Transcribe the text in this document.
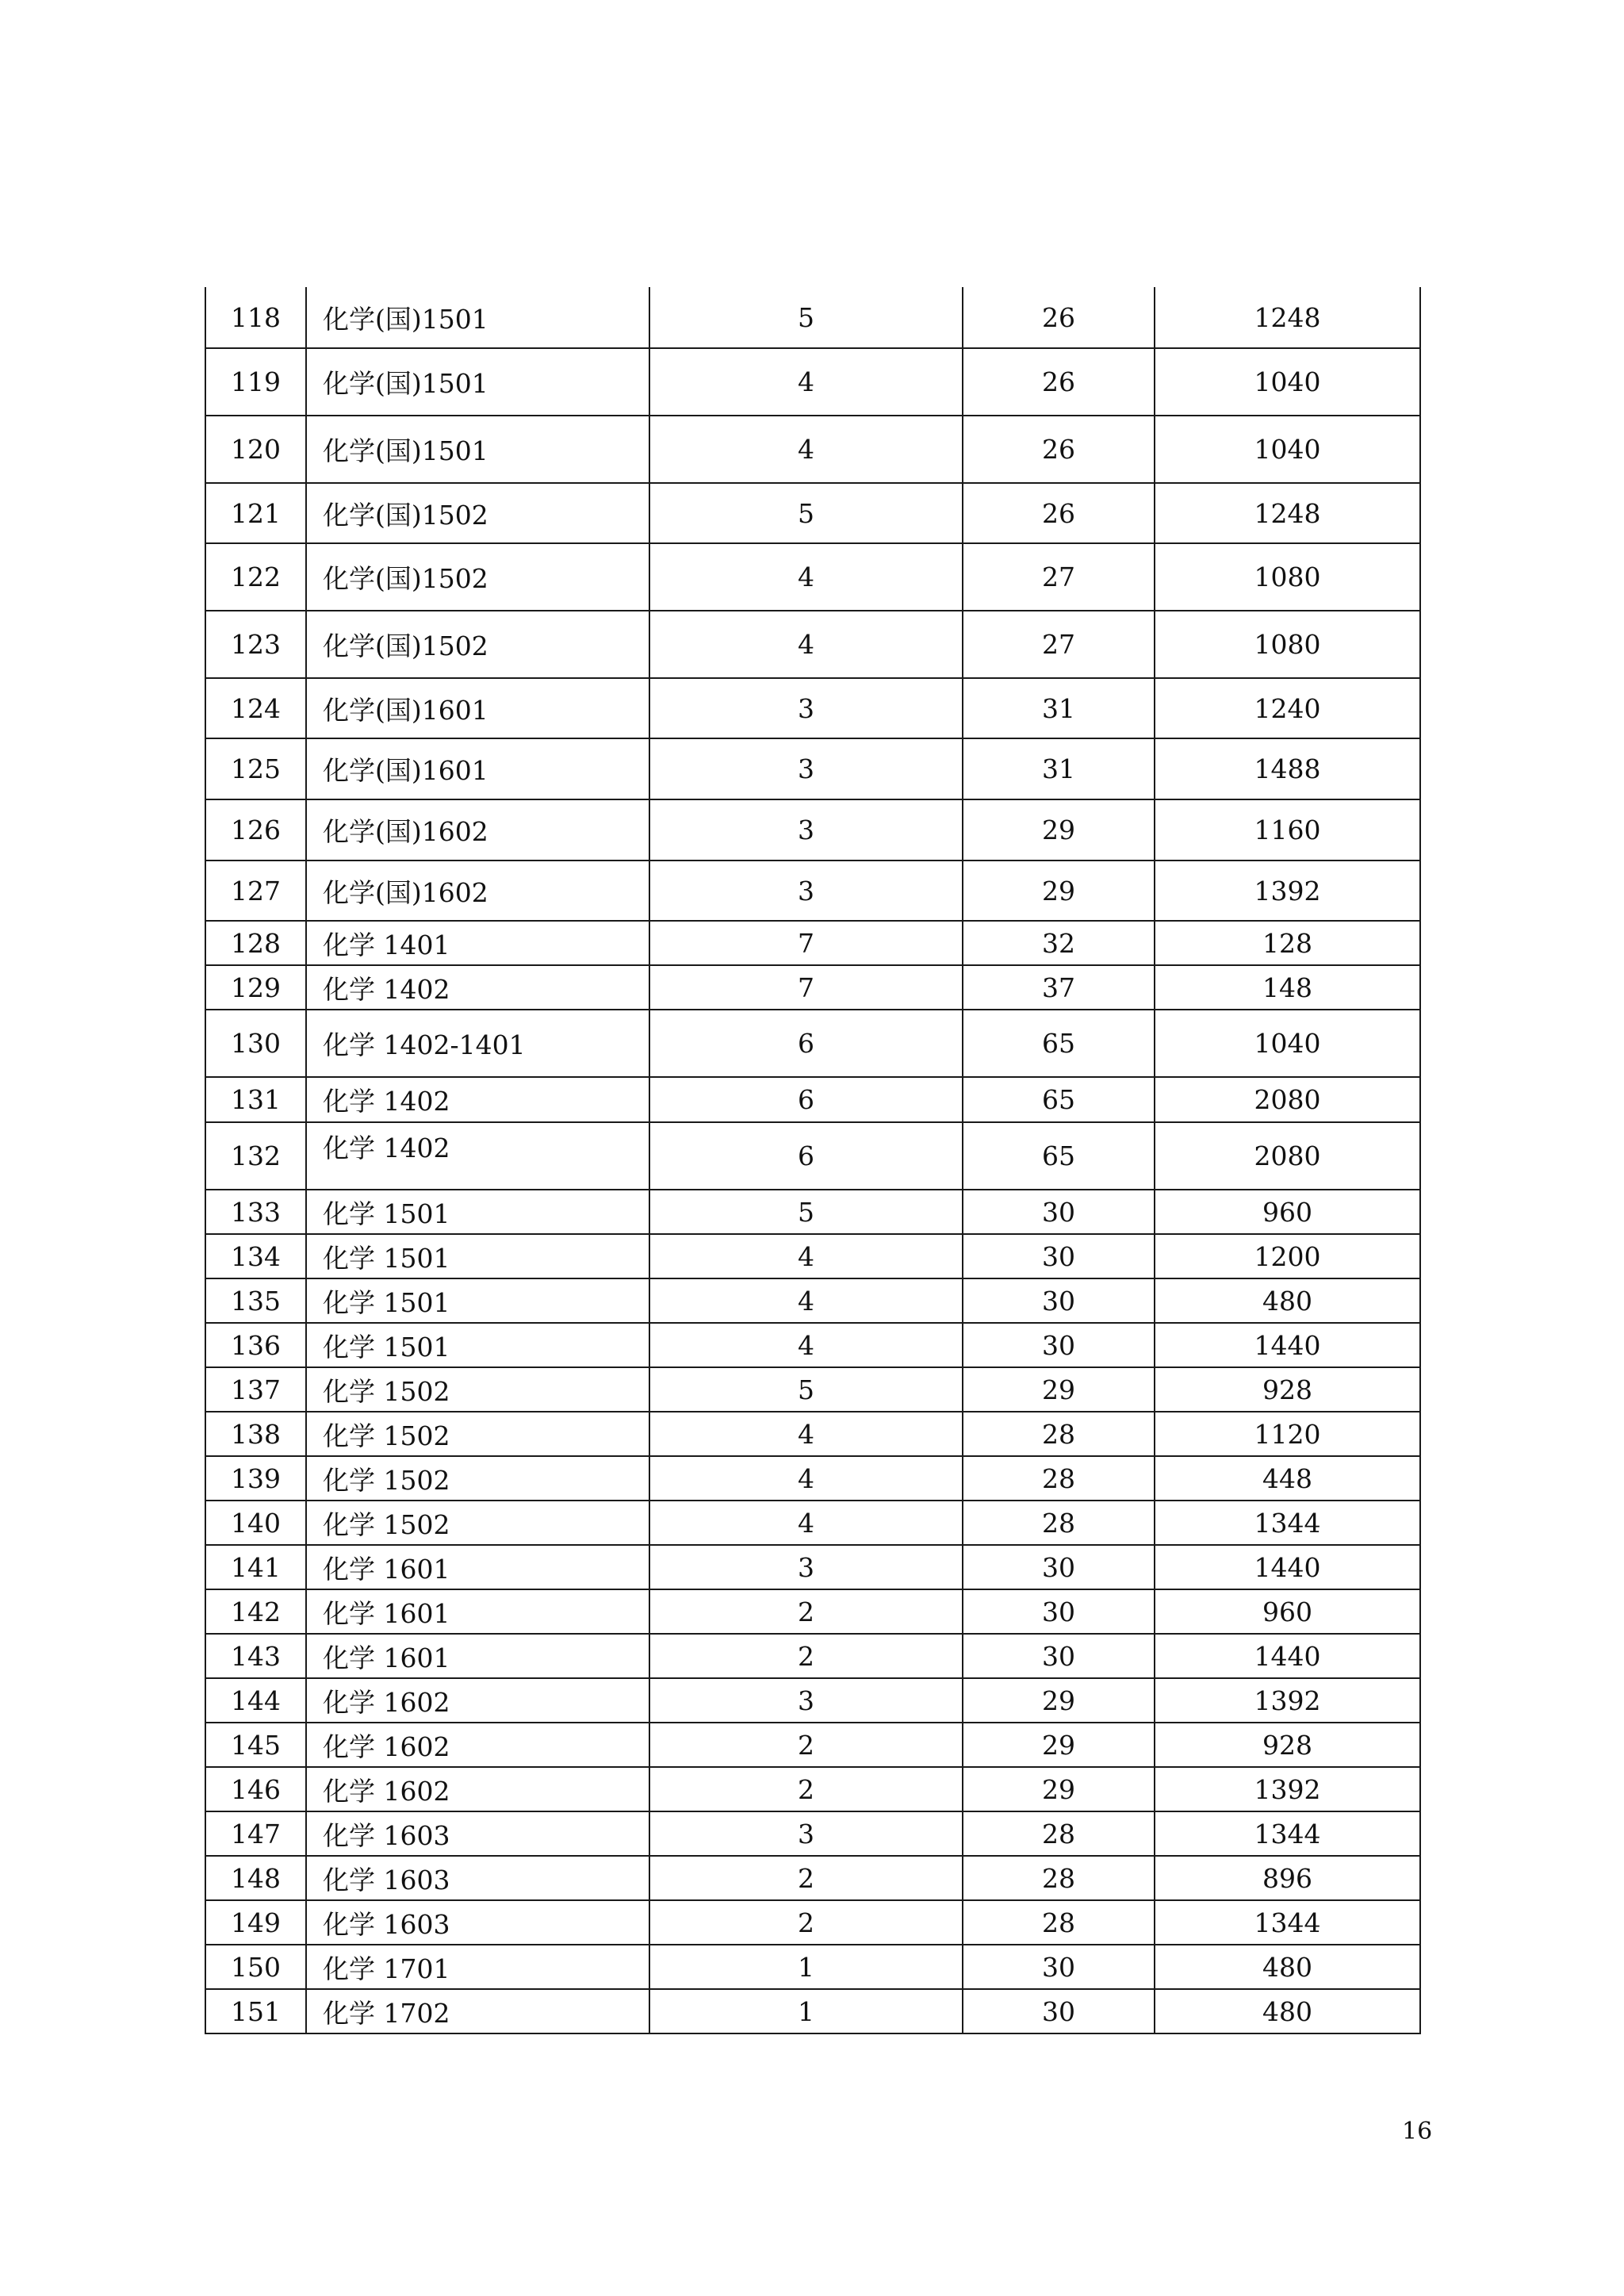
118	化学(国)1501	5	26	1248
119	化学(国)1501	4	26	1040
120	化学(国)1501	4	26	1040
121	化学(国)1502	5	26	1248
122	化学(国)1502	4	27	1080
123	化学(国)1502	4	27	1080
124	化学(国)1601	3	31	1240
125	化学(国)1601	3	31	1488
126	化学(国)1602	3	29	1160
127	化学(国)1602	3	29	1392
128	化学 1401	7	32	128
129	化学 1402	7	37	148
130	化学 1402-1401	6	65	1040
131	化学 1402	6	65	2080
132	化学 1402	6	65	2080
133	化学 1501	5	30	960
134	化学 1501	4	30	1200
135	化学 1501	4	30	480
136	化学 1501	4	30	1440
137	化学 1502	5	29	928
138	化学 1502	4	28	1120
139	化学 1502	4	28	448
140	化学 1502	4	28	1344
141	化学 1601	3	30	1440
142	化学 1601	2	30	960
143	化学 1601	2	30	1440
144	化学 1602	3	29	1392
145	化学 1602	2	29	928
146	化学 1602	2	29	1392
147	化学 1603	3	28	1344
148	化学 1603	2	28	896
149	化学 1603	2	28	1344
150	化学 1701	1	30	480
151	化学 1702	1	30	480
16
